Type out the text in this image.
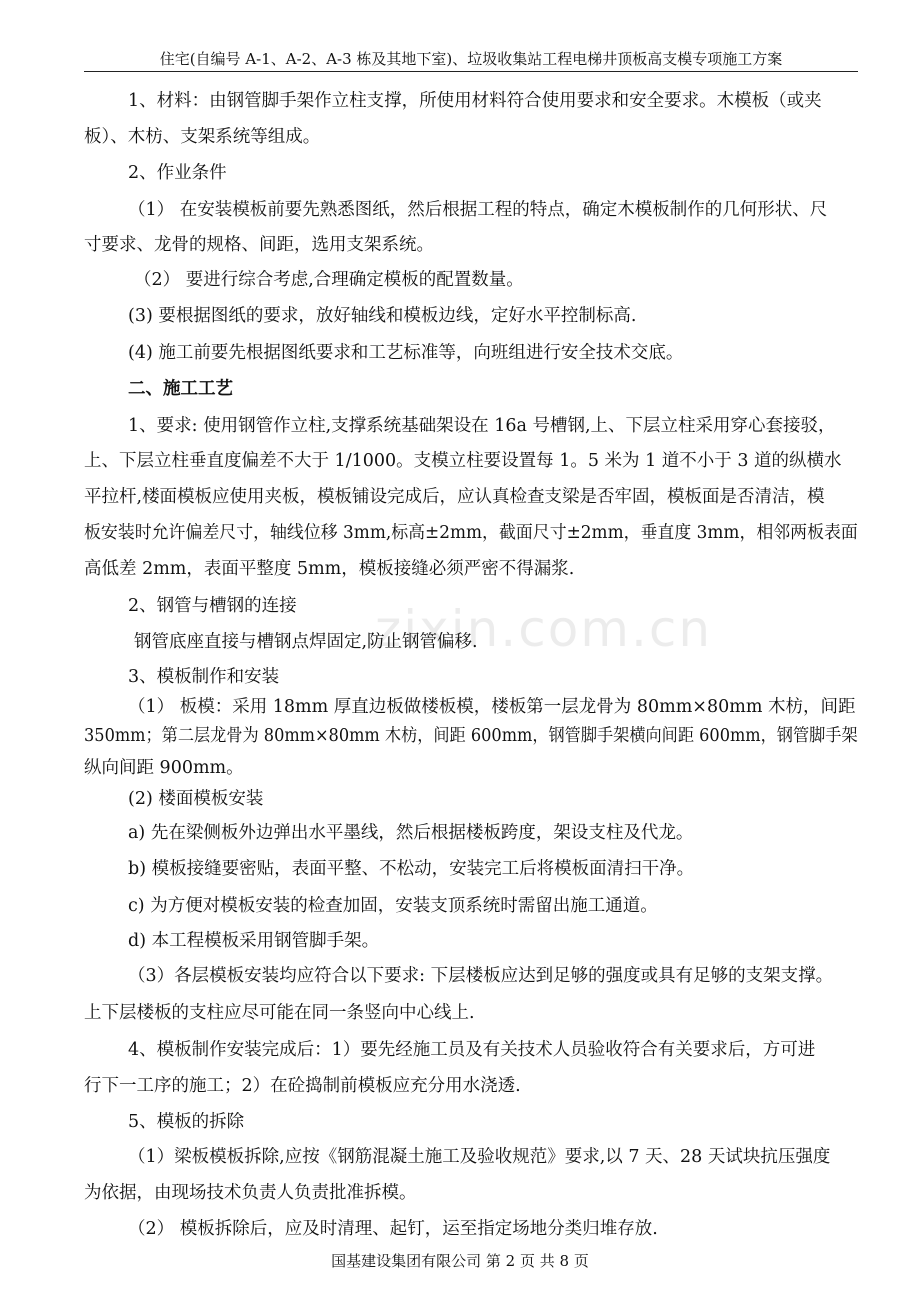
住宅(自编号 A-1、A-2、A-3 栋及其地下室)、垃圾收集站工程电梯井顶板高支模专项施工方案
zixin.com.cn
1、材料：由钢管脚手架作立柱支撑，所使用材料符合使用要求和安全要求。木模板（或夹
板）、木枋、支架系统等组成。
2、作业条件
（1） 在安装模板前要先熟悉图纸，然后根据工程的特点，确定木模板制作的几何形状、尺
寸要求、龙骨的规格、间距，选用支架系统。
（2） 要进行综合考虑,合理确定模板的配置数量。
(3) 要根据图纸的要求，放好轴线和模板边线，定好水平控制标高.
(4) 施工前要先根据图纸要求和工艺标准等，向班组进行安全技术交底。
二、施工工艺
1、要求: 使用钢管作立柱,支撑系统基础架设在 16a 号槽钢,上、下层立柱采用穿心套接驳，
上、下层立柱垂直度偏差不大于 1/1000。支模立柱要设置每 1。5 米为 1 道不小于 3 道的纵横水
平拉杆,楼面模板应使用夹板，模板铺设完成后，应认真检查支梁是否牢固，模板面是否清洁，模
板安装时允许偏差尺寸，轴线位移 3mm,标高±2mm，截面尺寸±2mm，垂直度 3mm，相邻两板表面
高低差 2mm，表面平整度 5mm，模板接缝必须严密不得漏浆.
2、钢管与槽钢的连接
钢管底座直接与槽钢点焊固定,防止钢管偏移.
3、模板制作和安装
（1） 板模：采用 18mm 厚直边板做楼板模，楼板第一层龙骨为 80mm×80mm 木枋，间距
350mm；第二层龙骨为 80mm×80mm 木枋，间距 600mm，钢管脚手架横向间距 600mm，钢管脚手架
纵向间距 900mm。
(2) 楼面模板安装
a) 先在梁侧板外边弹出水平墨线，然后根据楼板跨度，架设支柱及代龙。
b) 模板接缝要密贴，表面平整、不松动，安装完工后将模板面清扫干净。
c) 为方便对模板安装的检查加固，安装支顶系统时需留出施工通道。
d) 本工程模板采用钢管脚手架。
（3）各层模板安装均应符合以下要求: 下层楼板应达到足够的强度或具有足够的支架支撑。
上下层楼板的支柱应尽可能在同一条竖向中心线上.
4、模板制作安装完成后：1）要先经施工员及有关技术人员验收符合有关要求后，方可进
行下一工序的施工；2）在砼捣制前模板应充分用水浇透.
5、模板的拆除
（1）梁板模板拆除,应按《钢筋混凝土施工及验收规范》要求,以 7 天、28 天试块抗压强度
为依据，由现场技术负责人负责批准拆模。
（2） 模板拆除后，应及时清理、起钉，运至指定场地分类归堆存放.
国基建设集团有限公司 第 2 页 共 8 页
